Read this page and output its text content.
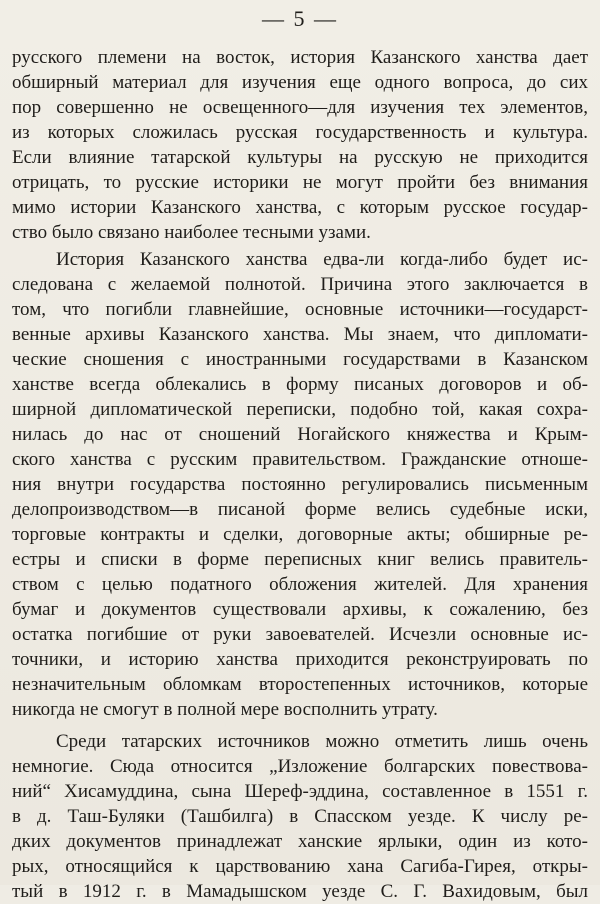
— 5 —
русского племени на восток, история Казанского ханства дает
обширный материал для изучения еще одного вопроса, до сих
пор совершенно не освещенного—для изучения тех элементов,
из которых сложилась русская государственность и культура.
Если влияние татарской культуры на русскую не приходится
отрицать, то русские историки не могут пройти без внимания
мимо истории Казанского ханства, с которым русское государ-
ство было связано наиболее тесными узами.
История Казанского ханства едва-ли когда-либо будет ис-
следована с желаемой полнотой. Причина этого заключается в
том, что погибли главнейшие, основные источники—государст-
венные архивы Казанского ханства. Мы знаем, что дипломати-
ческие сношения с иностранными государствами в Казанском
ханстве всегда облекались в форму писаных договоров и об-
ширной дипломатической переписки, подобно той, какая сохра-
нилась до нас от сношений Ногайского княжества и Крым-
ского ханства с русским правительством. Гражданские отноше-
ния внутри государства постоянно регулировались письменным
делопроизводством—в писаной форме велись судебные иски,
торговые контракты и сделки, договорные акты; обширные ре-
естры и списки в форме переписных книг велись правитель-
ством с целью податного обложения жителей. Для хранения
бумаг и документов существовали архивы, к сожалению, без
остатка погибшие от руки завоевателей. Исчезли основные ис-
точники, и историю ханства приходится реконструировать по
незначительным обломкам второстепенных источников, которые
никогда не смогут в полной мере восполнить утрату.
Среди татарских источников можно отметить лишь очень
немногие. Сюда относится „Изложение болгарских повествова-
ний“ Хисамуддина, сына Шереф-эддина, составленное в 1551 г.
в д. Таш-Буляки (Ташбилга) в Спасском уезде. К числу ре-
дких документов принадлежат ханские ярлыки, один из кото-
рых, относящийся к царствованию хана Сагиба-Гирея, откры-
тый в 1912 г. в Мамадышском уезде С. Г. Вахидовым, был
